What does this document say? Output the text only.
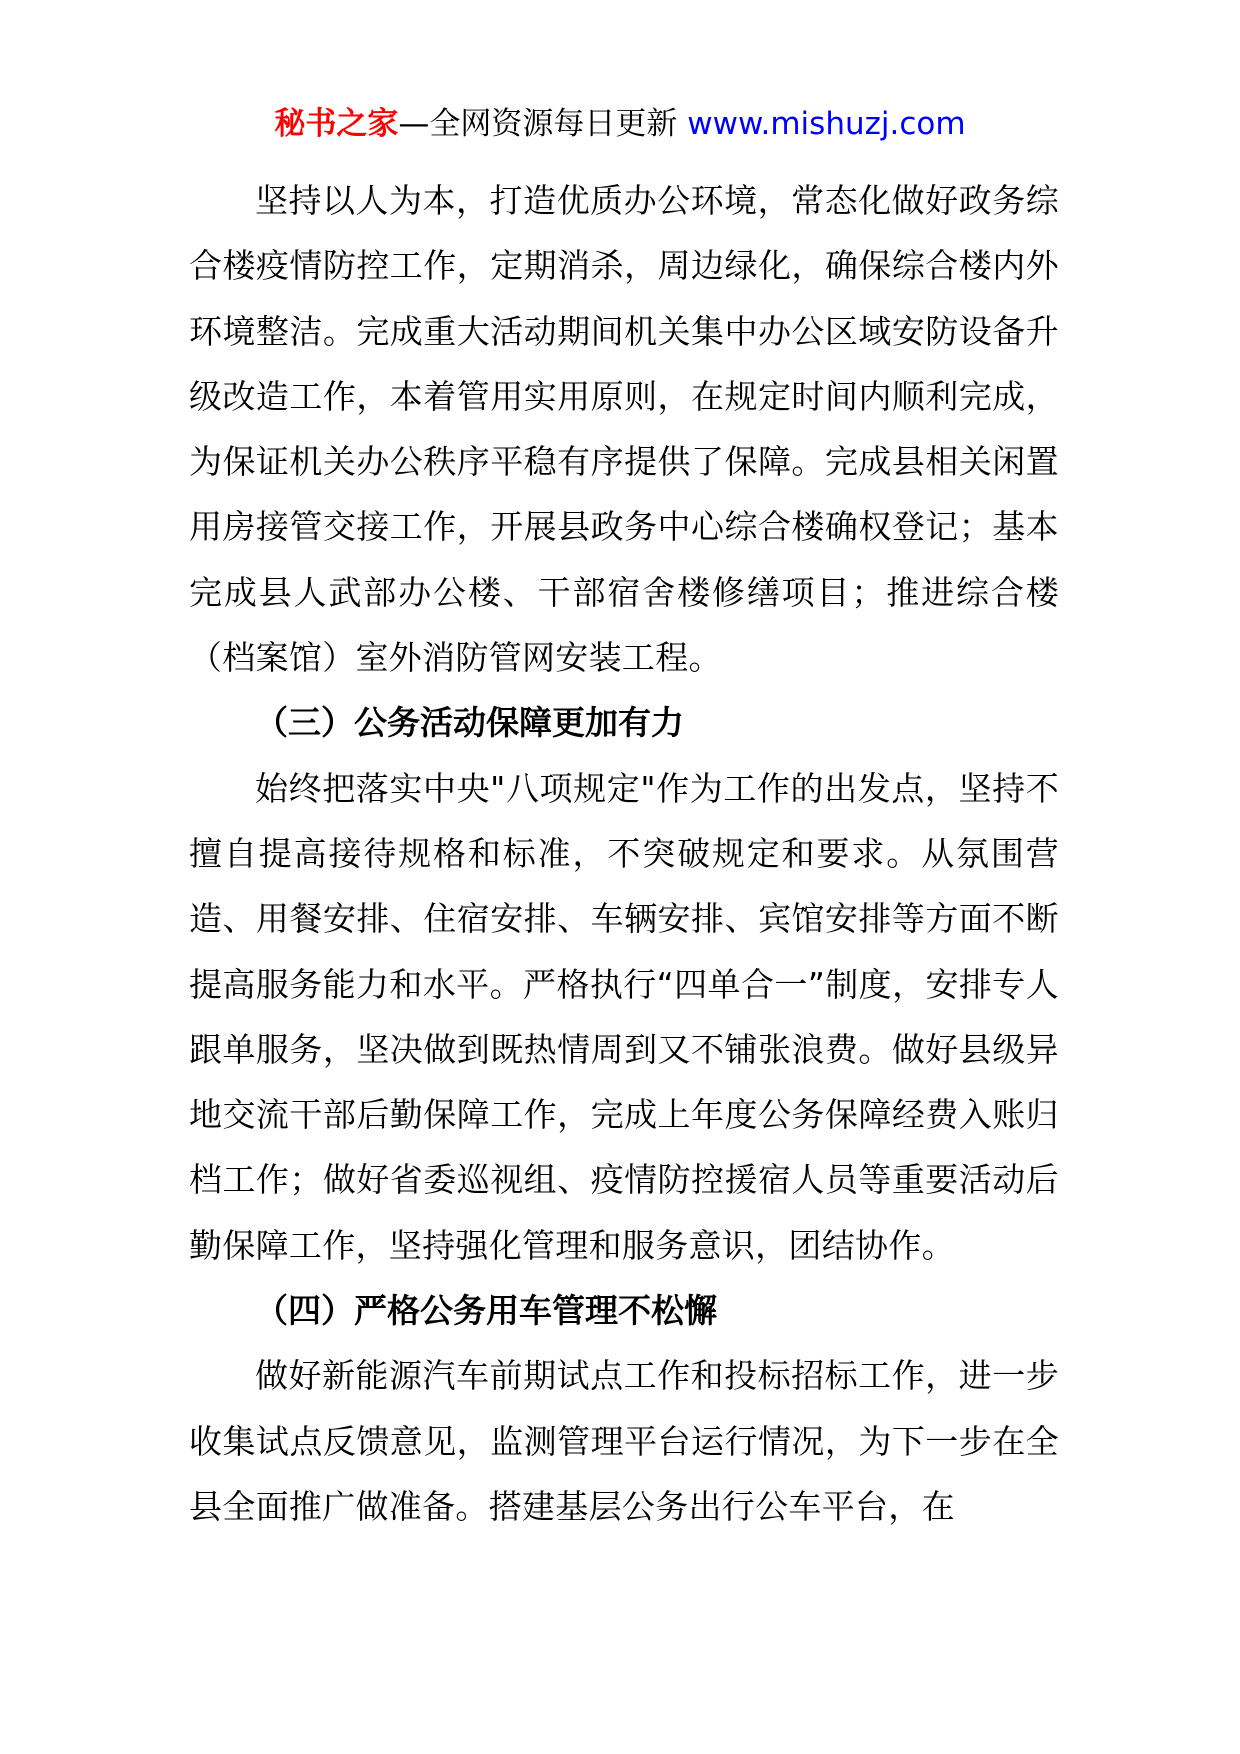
秘书之家—全网资源每日更新 www.mishuzj.com

坚持以人为本，打造优质办公环境，常态化做好政务综合楼疫情防控工作，定期消杀，周边绿化，确保综合楼内外环境整洁。完成重大活动期间机关集中办公区域安防设备升级改造工作，本着管用实用原则，在规定时间内顺利完成，为保证机关办公秩序平稳有序提供了保障。完成县相关闲置用房接管交接工作，开展县政务中心综合楼确权登记；基本完成县人武部办公楼、干部宿舍楼修缮项目；推进综合楼（档案馆）室外消防管网安装工程。

（三）公务活动保障更加有力

始终把落实中央"八项规定"作为工作的出发点，坚持不擅自提高接待规格和标准，不突破规定和要求。从氛围营造、用餐安排、住宿安排、车辆安排、宾馆安排等方面不断提高服务能力和水平。严格执行“四单合一”制度，安排专人跟单服务，坚决做到既热情周到又不铺张浪费。做好县级异地交流干部后勤保障工作，完成上年度公务保障经费入账归档工作；做好省委巡视组、疫情防控援宿人员等重要活动后勤保障工作，坚持强化管理和服务意识，团结协作。

（四）严格公务用车管理不松懈

做好新能源汽车前期试点工作和投标招标工作，进一步收集试点反馈意见，监测管理平台运行情况，为下一步在全县全面推广做准备。搭建基层公务出行公车平台，在
